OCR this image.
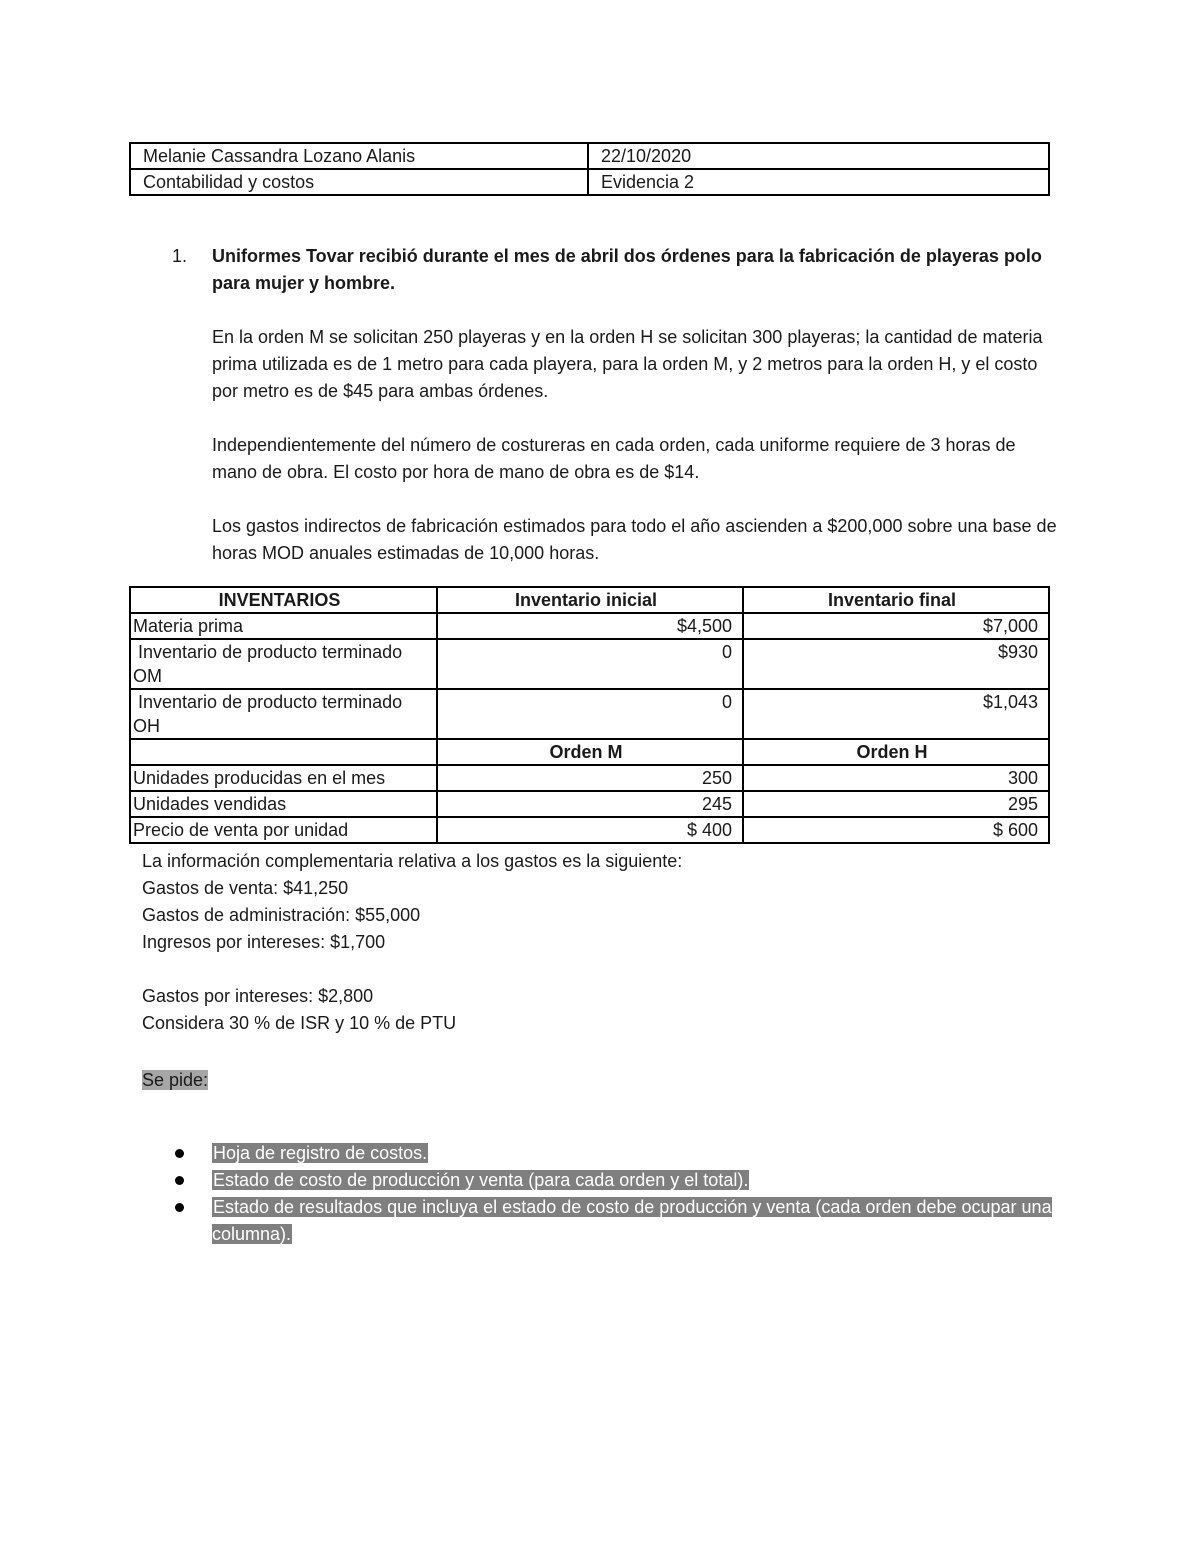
Melanie Cassandra Lozano Alanis	22/10/2020
Contabilidad y costos	Evidencia 2
1. Uniformes Tovar recibió durante el mes de abril dos órdenes para la fabricación de playeras polo para mujer y hombre.

En la orden M se solicitan 250 playeras y en la orden H se solicitan 300 playeras; la cantidad de materia prima utilizada es de 1 metro para cada playera, para la orden M, y 2 metros para la orden H, y el costo por metro es de $45 para ambas órdenes.

Independientemente del número de costureras en cada orden, cada uniforme requiere de 3 horas de mano de obra. El costo por hora de mano de obra es de $14.

Los gastos indirectos de fabricación estimados para todo el año ascienden a $200,000 sobre una base de horas MOD anuales estimadas de 10,000 horas.

INVENTARIOS	Inventario inicial	Inventario final
Materia prima	$4,500	$7,000
Inventario de producto terminado OM	0	$930
Inventario de producto terminado OH	0	$1,043
	Orden M	Orden H
Unidades producidas en el mes	250	300
Unidades vendidas	245	295
Precio de venta por unidad	$ 400	$ 600

La información complementaria relativa a los gastos es la siguiente:

Gastos de venta: $41,250

Gastos de administración: $55,000

Ingresos por intereses: $1,700

Gastos por intereses: $2,800

Considera 30 % de ISR y 10 % de PTU

Se pide:
Hoja de registro de costos.
Estado de costo de producción y venta (para cada orden y el total).
Estado de resultados que incluya el estado de costo de producción y venta (cada orden debe ocupar una columna).
